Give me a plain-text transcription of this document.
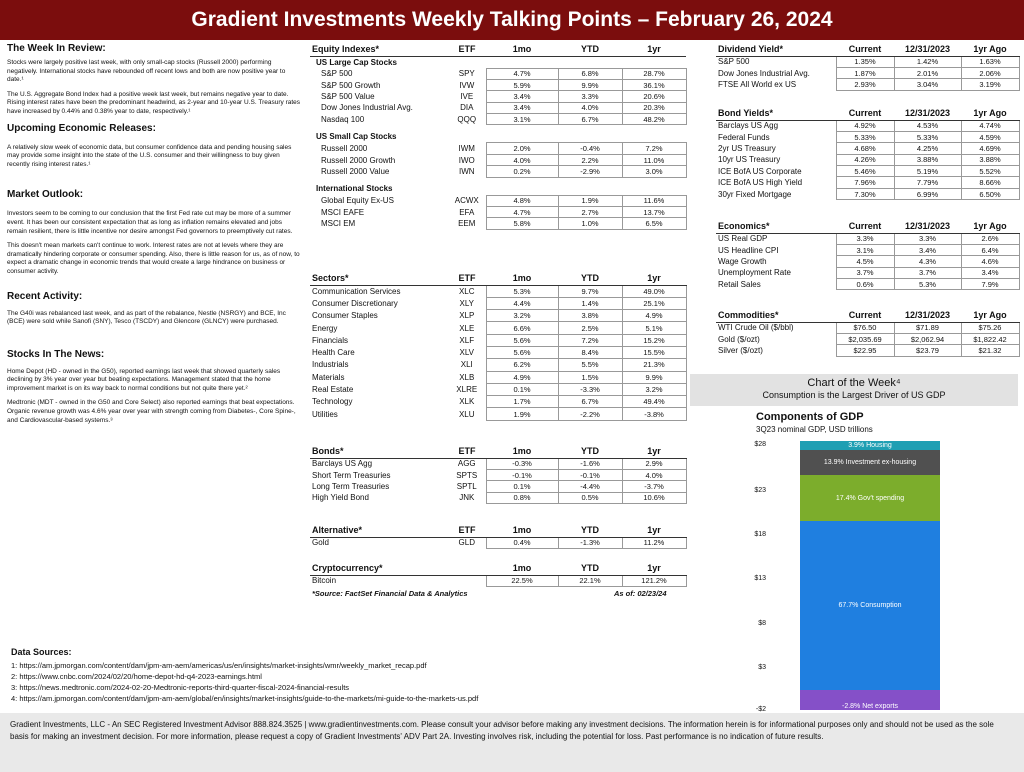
Gradient Investments Weekly Talking Points – February 26, 2024
The Week In Review:

Stocks were largely positive last week, with only small-cap stocks (Russell 2000) performing negatively. International stocks have rebounded off recent lows and both are now positive year to date.¹

The U.S. Aggregate Bond Index had a positive week last week, but remains negative year to date. Rising interest rates have been the predominant headwind, as 2-year and 10-year U.S. Treasury rates have increased by 0.44% and 0.38% year to date, respectively.¹

Upcoming Economic Releases:

A relatively slow week of economic data, but consumer confidence data and pending housing sales may provide some insight into the state of the U.S. consumer and their willingness to buy given recently rising interest rates.¹

Market Outlook:

Investors seem to be coming to our conclusion that the first Fed rate cut may be more of a summer event. It has been our consistent expectation that as long as inflation remains elevated and jobs remain resilient, there is little incentive nor desire amongst Fed governors to preemptively cut rates.

This doesn't mean markets can't continue to work. Interest rates are not at levels where they are dramatically hindering corporate or consumer spending. Also, there is little reason for us, as of now, to expect a dramatic change in economic trends that would create a large hindrance on business or consumer activity.

Recent Activity:

The G40i was rebalanced last week, and as part of the rebalance, Nestle (NSRGY) and BCE, Inc (BCE) were sold while Sanofi (SNY), Tesco (TSCDY) and Glencore (GLNCY) were purchased.

Stocks In The News:

Home Depot (HD - owned in the G50), reported earnings last week that showed quarterly sales declining by 3% year over year but beating expectations. Management stated that the home improvement market is on its way back to normal conditions but not quite there yet.²

Medtronic (MDT - owned in the G50 and Core Select) also reported earnings that beat expectations. Organic revenue growth was 4.6% year over year with strength coming from Diabetes-, Core Spine-, and Cardiovascular-based systems.³

Equity Indexes*	ETF	1mo	YTD	1yr
US Large Cap Stocks				
S&P 500	SPY	4.7%	6.8%	28.7%
S&P 500 Growth	IVW	5.9%	9.9%	36.1%
S&P 500 Value	IVE	3.4%	3.3%	20.6%
Dow Jones Industrial Avg.	DIA	3.4%	4.0%	20.3%
Nasdaq 100	QQQ	3.1%	6.7%	48.2%

US Small Cap Stocks				
Russell 2000	IWM	2.0%	-0.4%	7.2%
Russell 2000 Growth	IWO	4.0%	2.2%	11.0%
Russell 2000 Value	IWN	0.2%	-2.9%	3.0%

International Stocks				
Global Equity Ex-US	ACWX	4.8%	1.9%	11.6%
MSCI EAFE	EFA	4.7%	2.7%	13.7%
MSCI EM	EEM	5.8%	1.0%	6.5%
Sectors*	ETF	1mo	YTD	1yr
Communication Services	XLC	5.3%	9.7%	49.0%
Consumer Discretionary	XLY	4.4%	1.4%	25.1%
Consumer Staples	XLP	3.2%	3.8%	4.9%
Energy	XLE	6.6%	2.5%	5.1%
Financials	XLF	5.6%	7.2%	15.2%
Health Care	XLV	5.6%	8.4%	15.5%
Industrials	XLI	6.2%	5.5%	21.3%
Materials	XLB	4.9%	1.5%	9.9%
Real Estate	XLRE	0.1%	-3.3%	3.2%
Technology	XLK	1.7%	6.7%	49.4%
Utilities	XLU	1.9%	-2.2%	-3.8%
Bonds*	ETF	1mo	YTD	1yr
Barclays US Agg	AGG	-0.3%	-1.6%	2.9%
Short Term Treasuries	SPTS	-0.1%	-0.1%	4.0%
Long Term Treasuries	SPTL	0.1%	-4.4%	-3.7%
High Yield Bond	JNK	0.8%	0.5%	10.6%
Alternative*	ETF	1mo	YTD	1yr
Gold	GLD	0.4%	-1.3%	11.2%
Cryptocurrency*		1mo	YTD	1yr
Bitcoin		22.5%	22.1%	121.2%
*Source: FactSet Financial Data & Analytics	As of: 02/23/24
Dividend Yield*	Current	12/31/2023	1yr Ago
S&P 500	1.35%	1.42%	1.63%
Dow Jones Industrial Avg.	1.87%	2.01%	2.06%
FTSE All World ex US	2.93%	3.04%	3.19%
Bond Yields*	Current	12/31/2023	1yr Ago
Barclays US Agg	4.92%	4.53%	4.74%
Federal Funds	5.33%	5.33%	4.59%
2yr US Treasury	4.68%	4.25%	4.69%
10yr US Treasury	4.26%	3.88%	3.88%
ICE BofA US Corporate	5.46%	5.19%	5.52%
ICE BofA US High Yield	7.96%	7.79%	8.66%
30yr Fixed Mortgage	7.30%	6.99%	6.50%
Economics*	Current	12/31/2023	1yr Ago
US Real GDP	3.3%	3.3%	2.6%
US Headline CPI	3.1%	3.4%	6.4%
Wage Growth	4.5%	4.3%	4.6%
Unemployment Rate	3.7%	3.7%	3.4%
Retail Sales	0.6%	5.3%	7.9%
Commodities*	Current	12/31/2023	1yr Ago
WTI Crude Oil ($/bbl)	$76.50	$71.89	$75.26
Gold ($/ozt)	$2,035.69	$2,062.94	$1,822.42
Silver ($/ozt)	$22.95	$23.79	$21.32
Chart of the Week⁴
Consumption is the Largest Driver of US GDP
Components of GDP
3Q23 nominal GDP, USD trillions
$28
$23
$18
$13
$8
$3
-$2
3.9% Housing
13.9% Investment ex-housing
17.4% Gov't spending
67.7% Consumption
-2.8% Net exports
Data Sources:
1: https://am.jpmorgan.com/content/dam/jpm-am-aem/americas/us/en/insights/market-insights/wmr/weekly_market_recap.pdf
2: https://www.cnbc.com/2024/02/20/home-depot-hd-q4-2023-earnings.html
3: https://news.medtronic.com/2024-02-20-Medtronic-reports-third-quarter-fiscal-2024-financial-results
4: https://am.jpmorgan.com/content/dam/jpm-am-aem/global/en/insights/market-insights/guide-to-the-markets/mi-guide-to-the-markets-us.pdf
Gradient Investments, LLC - An SEC Registered Investment Advisor 888.824.3525 | www.gradientinvestments.com. Please consult your advisor before making any investment decisions. The information herein is for informational purposes only and should not be used as the sole basis for making an investment decision. For more information, please request a copy of Gradient Investments' ADV Part 2A. Investing involves risk, including the potential for loss. Past performance is no indication of future results.
